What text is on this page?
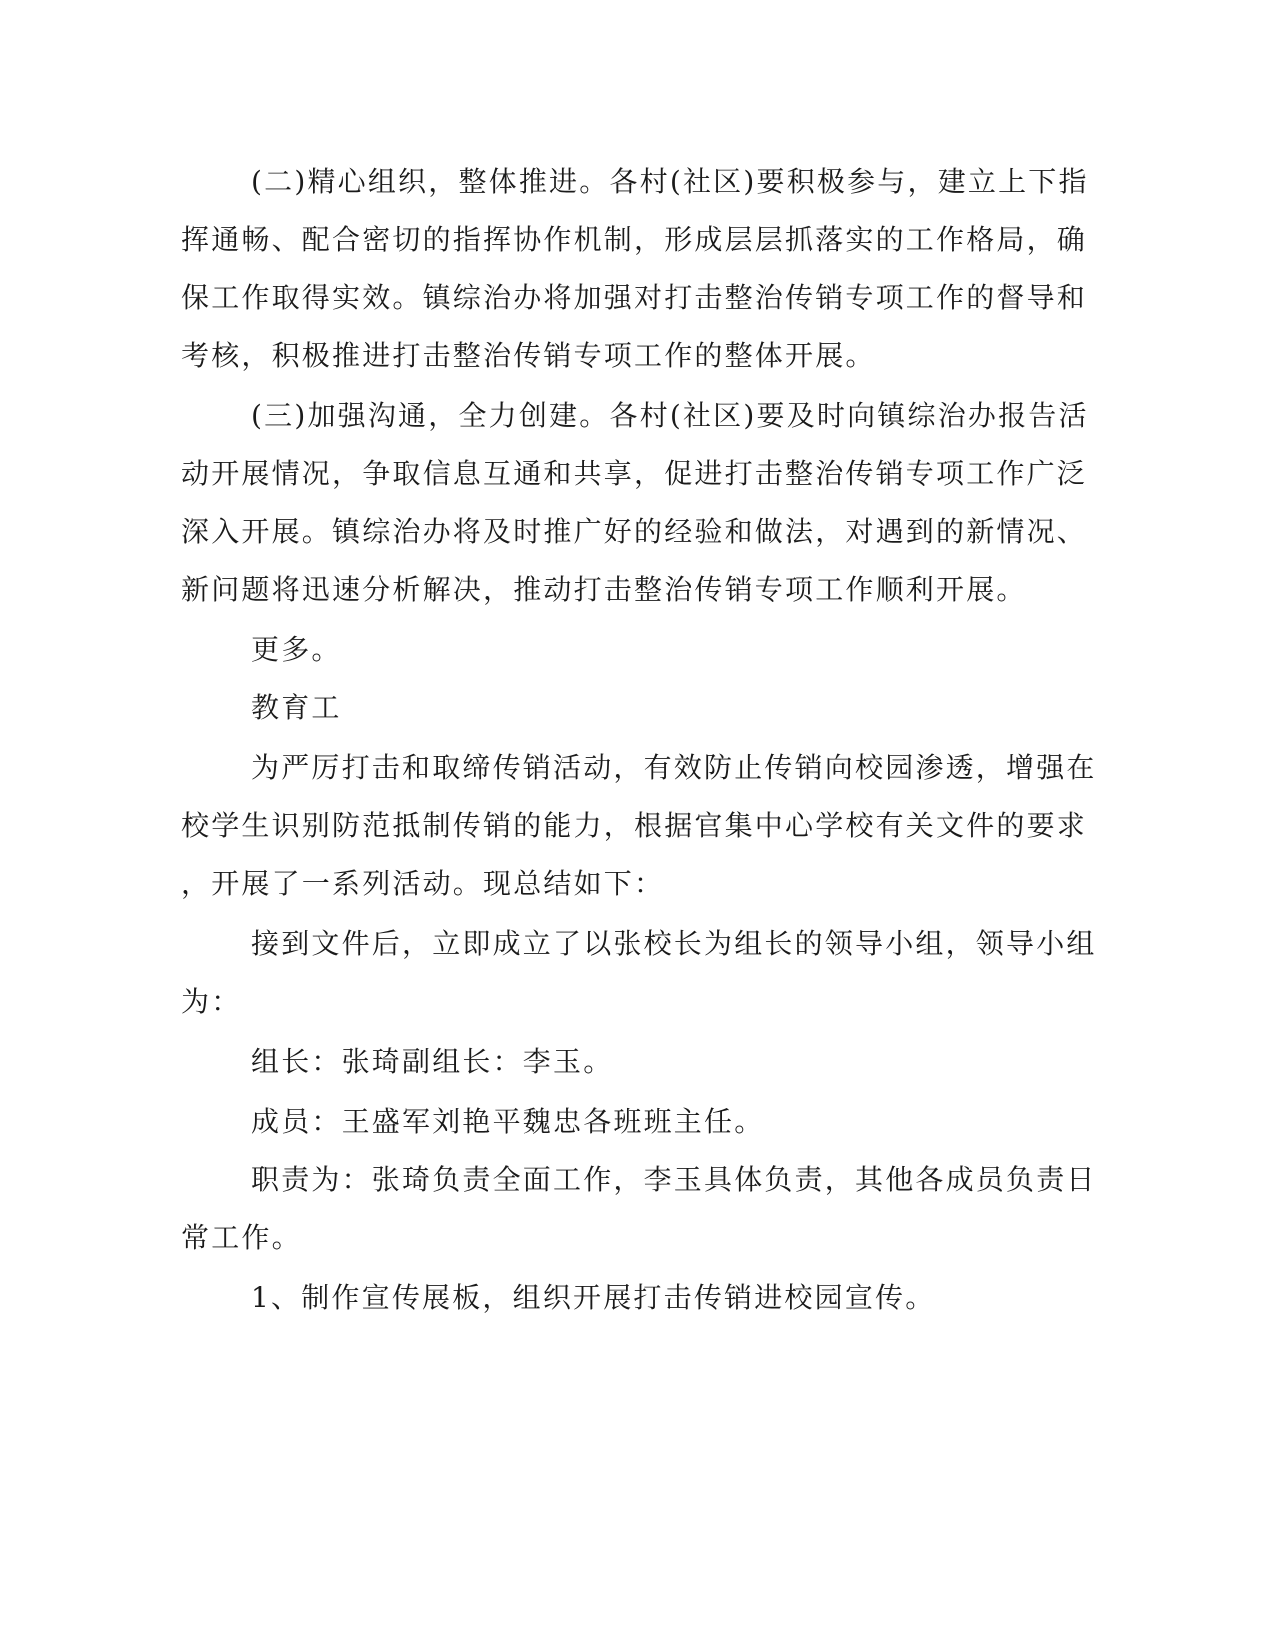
(二)精心组织，整体推进。各村(社区)要积极参与，建立上下指
挥通畅、配合密切的指挥协作机制，形成层层抓落实的工作格局，确
保工作取得实效。镇综治办将加强对打击整治传销专项工作的督导和
考核，积极推进打击整治传销专项工作的整体开展。
(三)加强沟通，全力创建。各村(社区)要及时向镇综治办报告活
动开展情况，争取信息互通和共享，促进打击整治传销专项工作广泛
深入开展。镇综治办将及时推广好的经验和做法，对遇到的新情况、
新问题将迅速分析解决，推动打击整治传销专项工作顺利开展。
更多。
教育工
为严厉打击和取缔传销活动，有效防止传销向校园渗透，增强在
校学生识别防范抵制传销的能力，根据官集中心学校有关文件的要求
，开展了一系列活动。现总结如下：
接到文件后，立即成立了以张校长为组长的领导小组，领导小组
为：
组长：张琦副组长：李玉。
成员：王盛军刘艳平魏忠各班班主任。
职责为：张琦负责全面工作，李玉具体负责，其他各成员负责日
常工作。
1、制作宣传展板，组织开展打击传销进校园宣传。
